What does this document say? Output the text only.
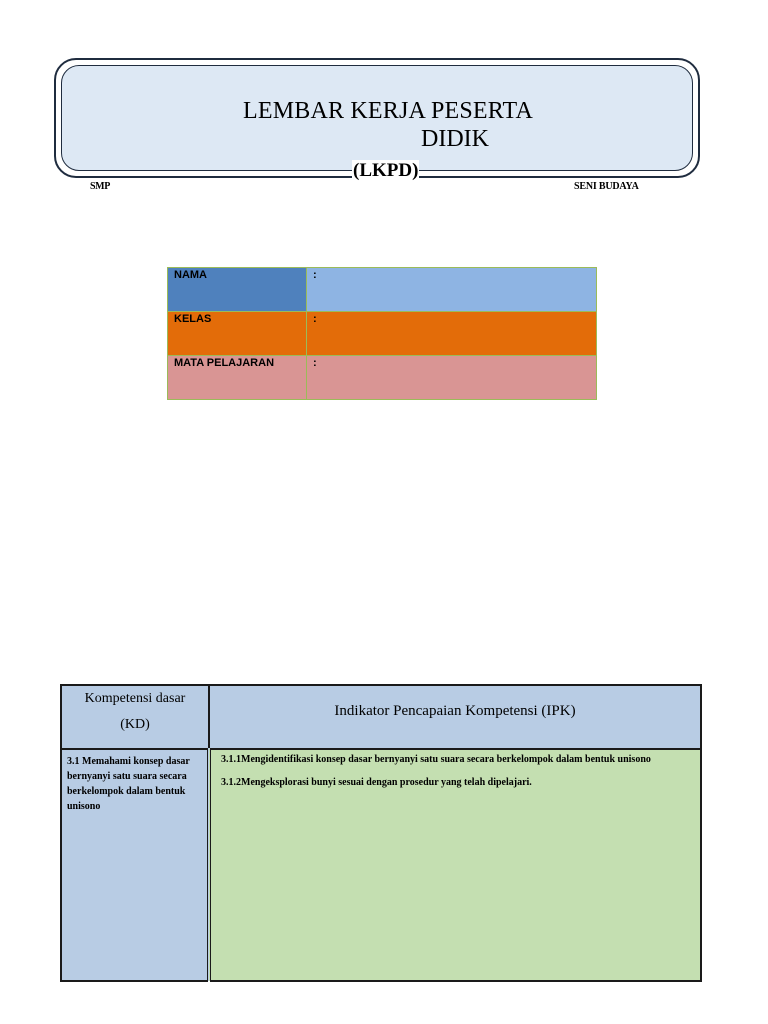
LEMBAR KERJA PESERTA
DIDIK
(LKPD)
SMP	SENI BUDAYA
NAMA	:
KELAS	:
MATA PELAJARAN	:
Kompetensi dasar
(KD)	Indikator Pencapaian Kompetensi (IPK)
3.1 Memahami konsep dasar bernyanyi satu suara secara berkelompok dalam bentuk unisono	3.1.1Mengidentifikasi konsep dasar bernyanyi satu suara secara berkelompok dalam bentuk unisono

3.1.2Mengeksplorasi bunyi sesuai dengan prosedur yang telah dipelajari.
